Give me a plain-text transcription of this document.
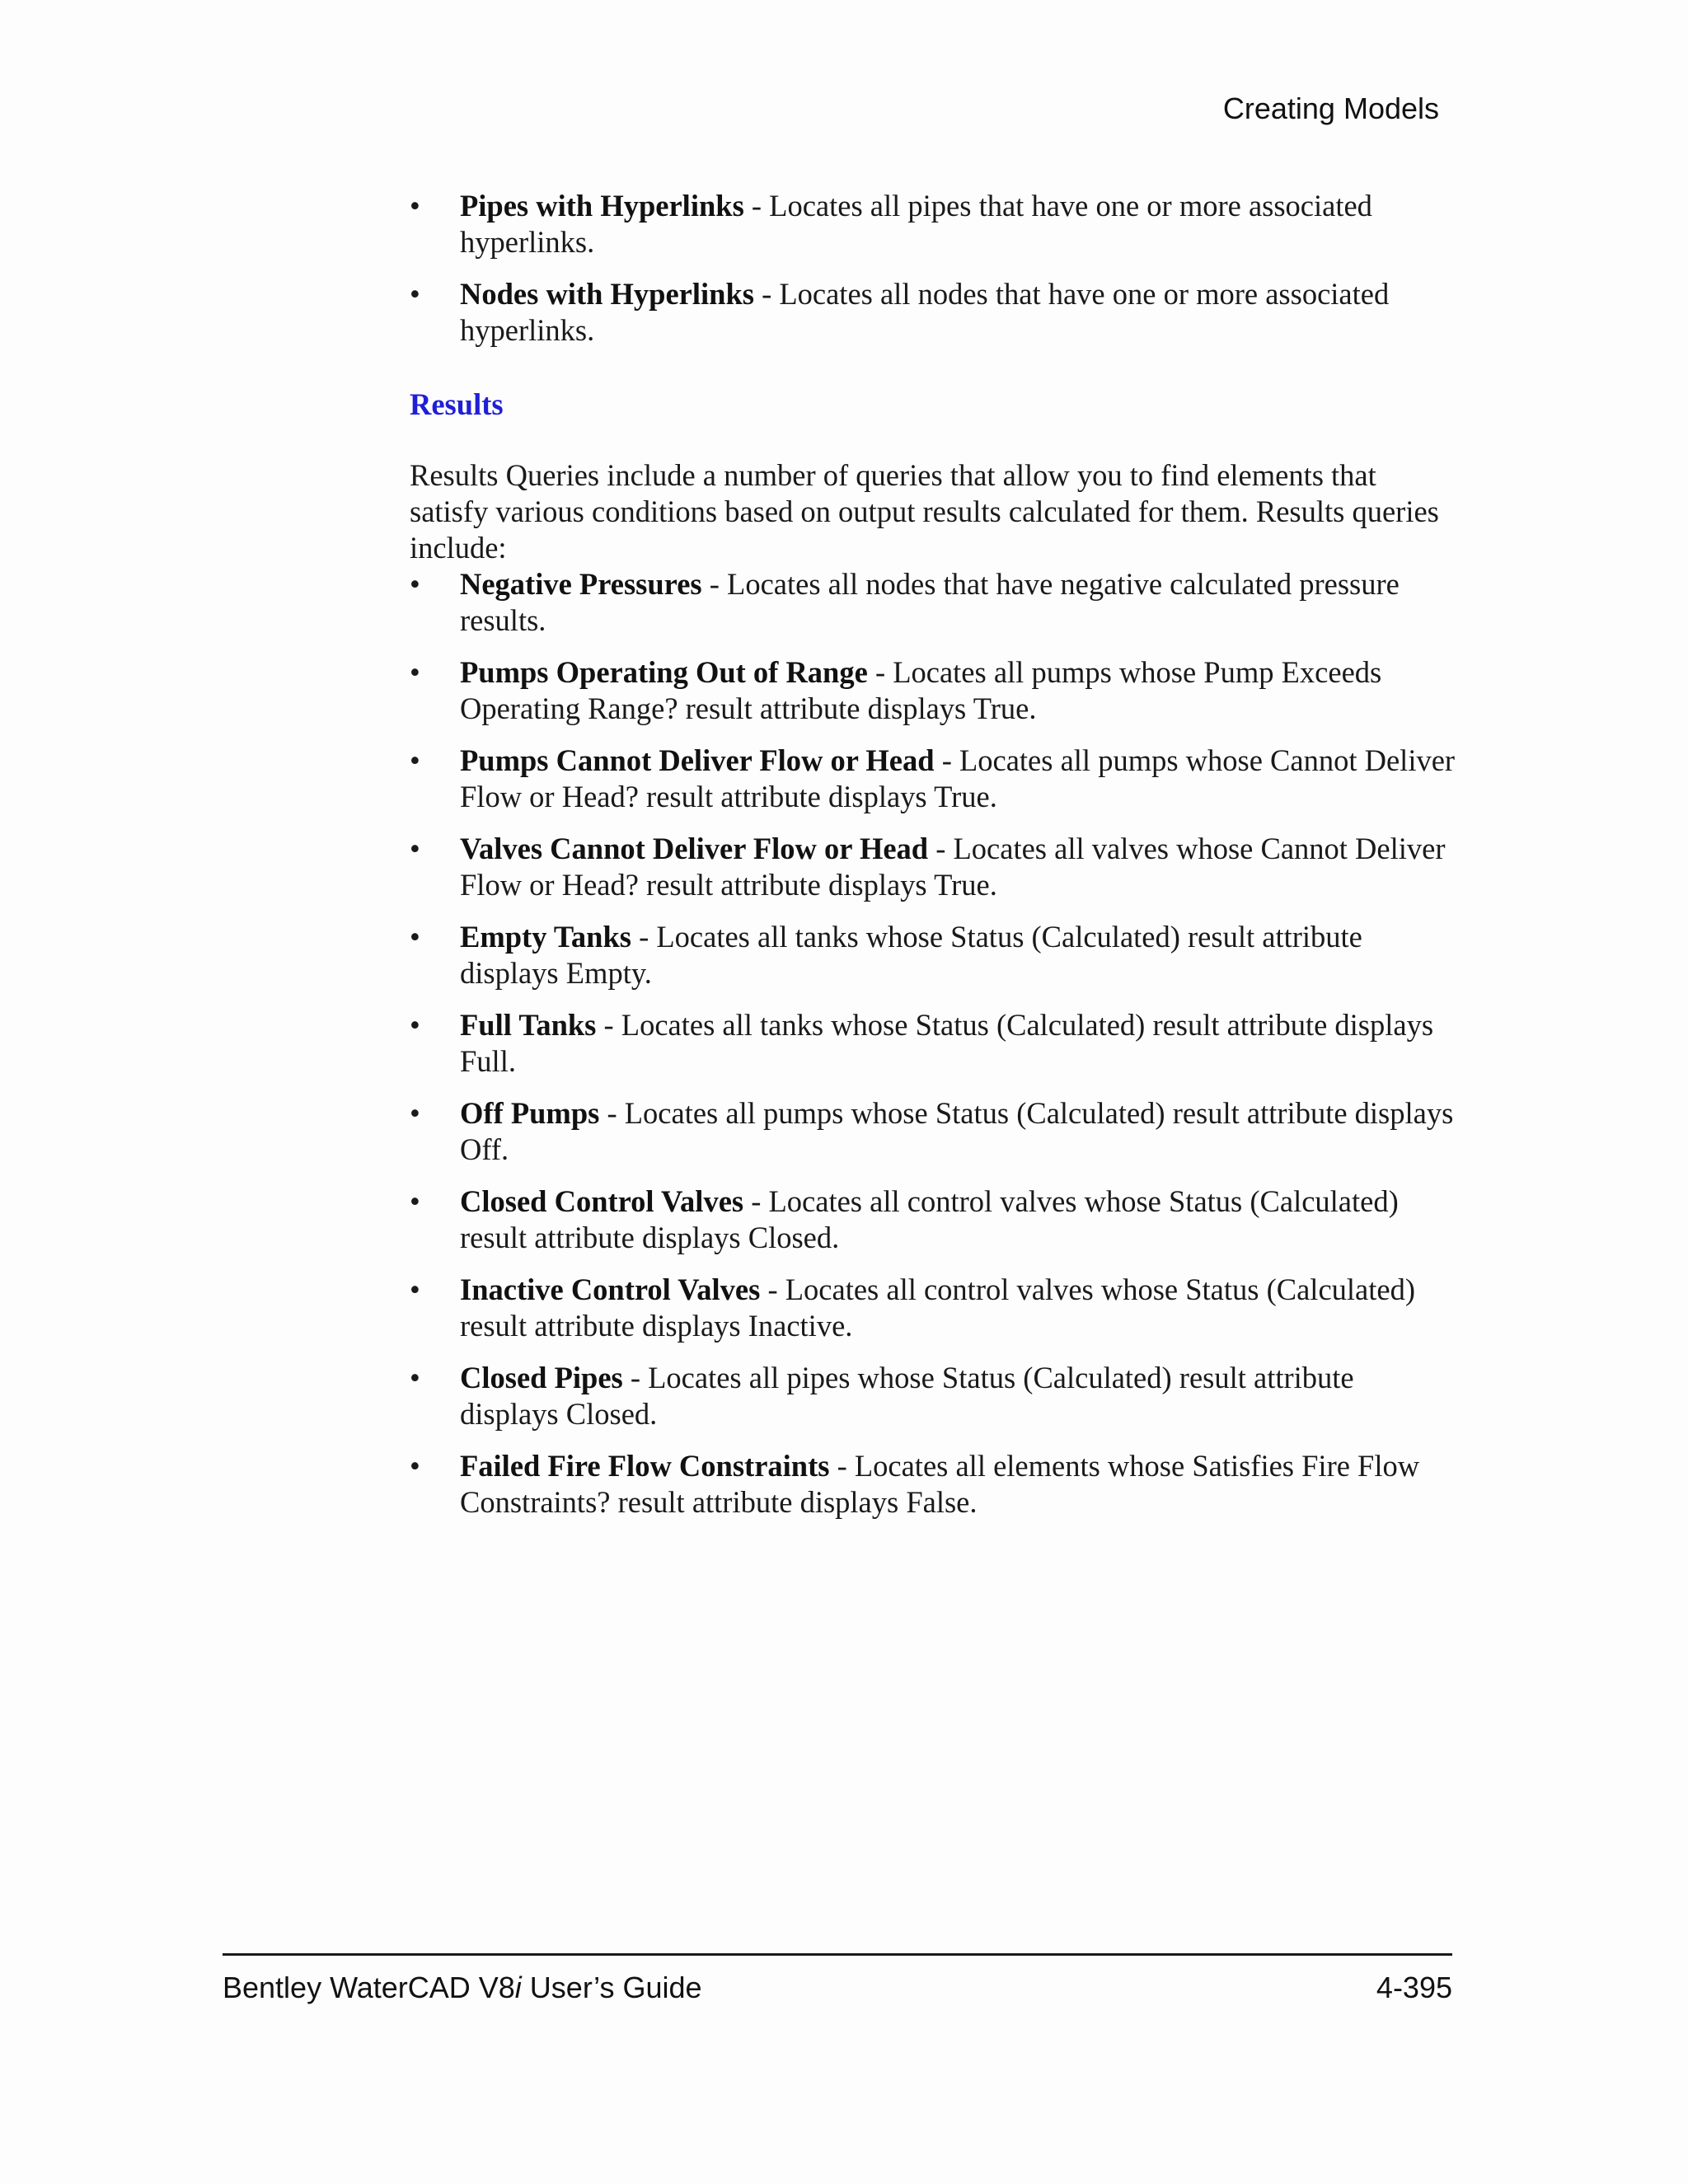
Creating Models
• Pipes with Hyperlinks - Locates all pipes that have one or more associated hyperlinks.
• Nodes with Hyperlinks - Locates all nodes that have one or more associated hyperlinks.
Results

Results Queries include a number of queries that allow you to find elements that satisfy various conditions based on output results calculated for them. Results queries include:

• Negative Pressures - Locates all nodes that have negative calculated pressure results.
• Pumps Operating Out of Range - Locates all pumps whose Pump Exceeds Operating Range? result attribute displays True.
• Pumps Cannot Deliver Flow or Head - Locates all pumps whose Cannot Deliver Flow or Head? result attribute displays True.
• Valves Cannot Deliver Flow or Head - Locates all valves whose Cannot Deliver Flow or Head? result attribute displays True.
• Empty Tanks - Locates all tanks whose Status (Calculated) result attribute displays Empty.
• Full Tanks - Locates all tanks whose Status (Calculated) result attribute displays Full.
• Off Pumps - Locates all pumps whose Status (Calculated) result attribute displays Off.
• Closed Control Valves - Locates all control valves whose Status (Calculated) result attribute displays Closed.
• Inactive Control Valves - Locates all control valves whose Status (Calculated) result attribute displays Inactive.
• Closed Pipes - Locates all pipes whose Status (Calculated) result attribute displays Closed.
• Failed Fire Flow Constraints - Locates all elements whose Satisfies Fire Flow Constraints? result attribute displays False.
Bentley WaterCAD V8i User’s Guide	4-395
